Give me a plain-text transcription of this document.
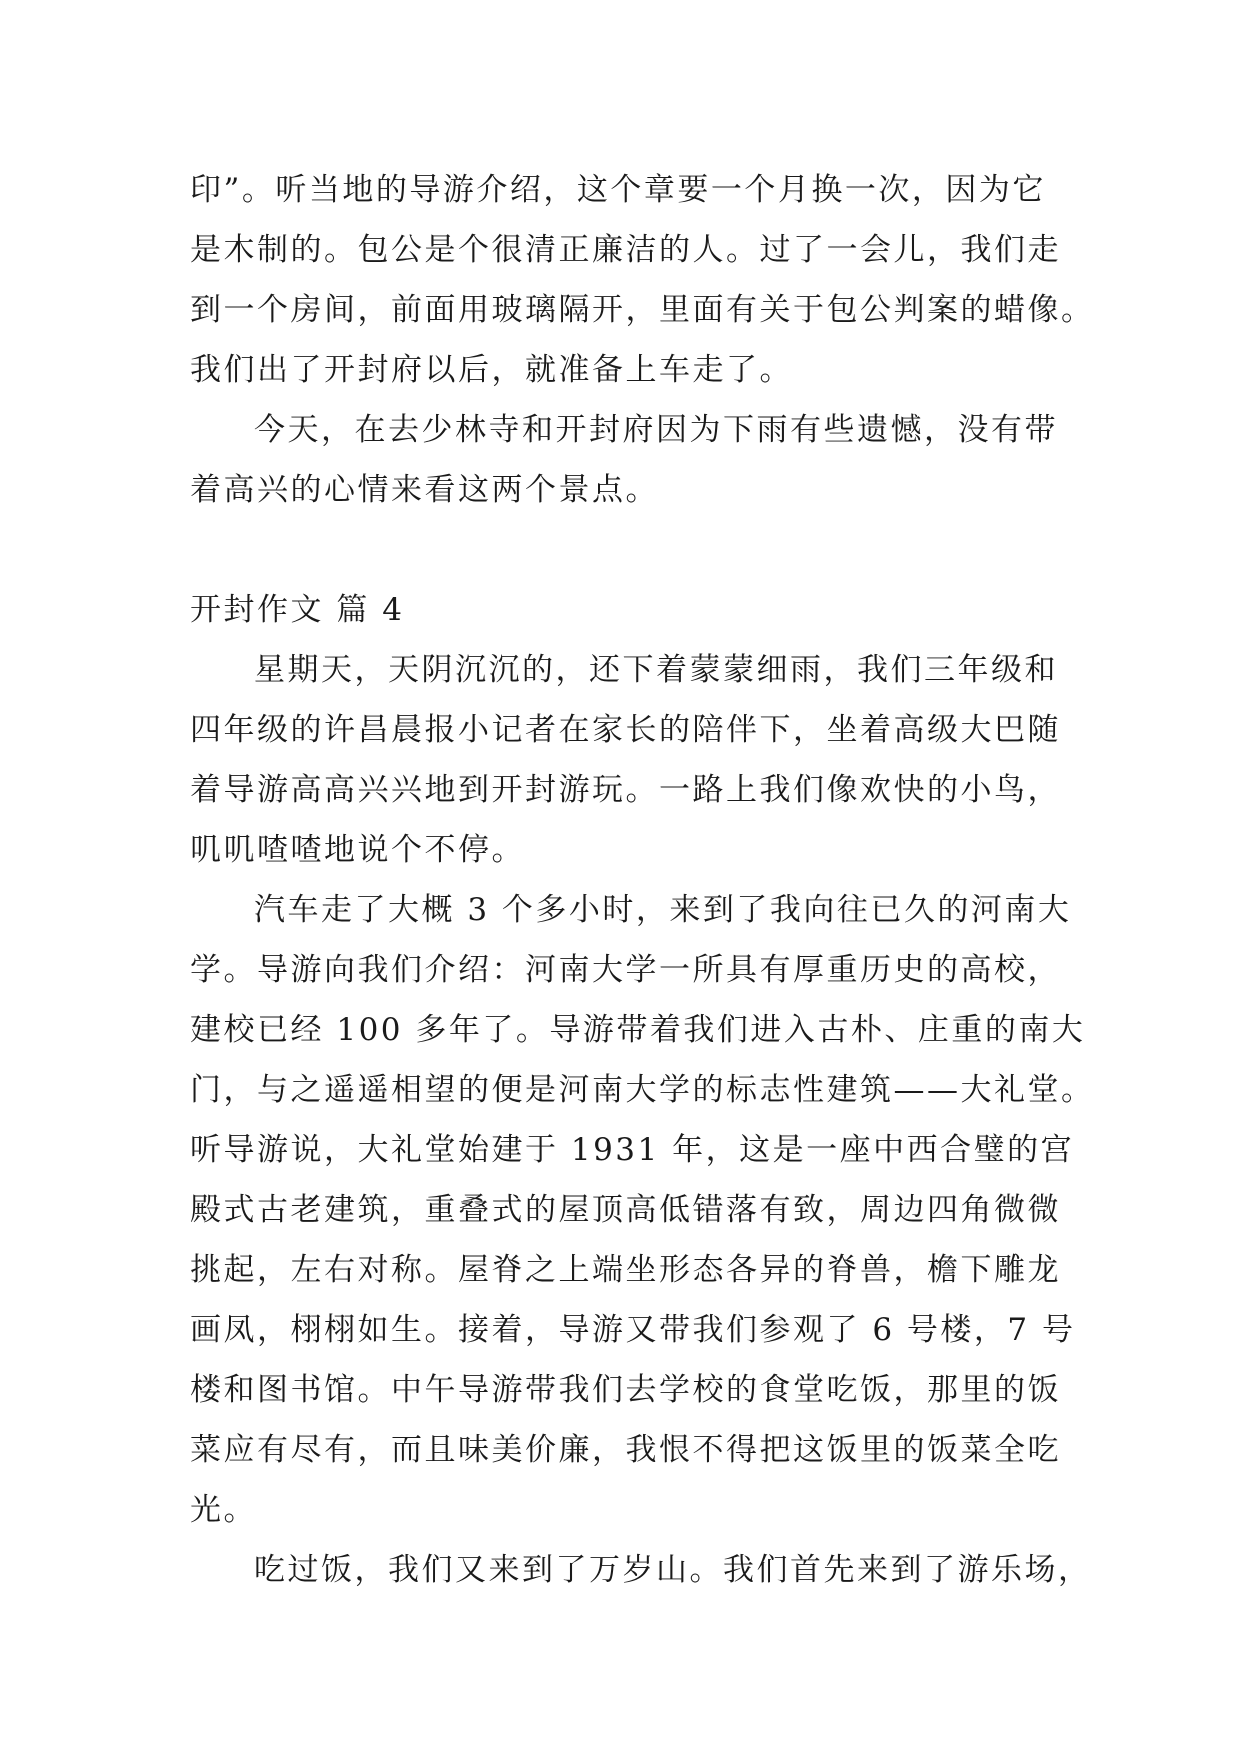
印”。听当地的导游介绍，这个章要一个月换一次，因为它
是木制的。包公是个很清正廉洁的人。过了一会儿，我们走
到一个房间，前面用玻璃隔开，里面有关于包公判案的蜡像。
我们出了开封府以后，就准备上车走了。
今天，在去少林寺和开封府因为下雨有些遗憾，没有带
着高兴的心情来看这两个景点。
开封作文 篇 4
星期天，天阴沉沉的，还下着蒙蒙细雨，我们三年级和
四年级的许昌晨报小记者在家长的陪伴下，坐着高级大巴随
着导游高高兴兴地到开封游玩。一路上我们像欢快的小鸟，
叽叽喳喳地说个不停。
汽车走了大概 3 个多小时，来到了我向往已久的河南大
学。导游向我们介绍：河南大学一所具有厚重历史的高校，
建校已经 100 多年了。导游带着我们进入古朴、庄重的南大
门，与之遥遥相望的便是河南大学的标志性建筑——大礼堂。
听导游说，大礼堂始建于 1931 年，这是一座中西合璧的宫
殿式古老建筑，重叠式的屋顶高低错落有致，周边四角微微
挑起，左右对称。屋脊之上端坐形态各异的脊兽，檐下雕龙
画凤，栩栩如生。接着，导游又带我们参观了 6 号楼，7 号
楼和图书馆。中午导游带我们去学校的食堂吃饭，那里的饭
菜应有尽有，而且味美价廉，我恨不得把这饭里的饭菜全吃
光。
吃过饭，我们又来到了万岁山。我们首先来到了游乐场，
